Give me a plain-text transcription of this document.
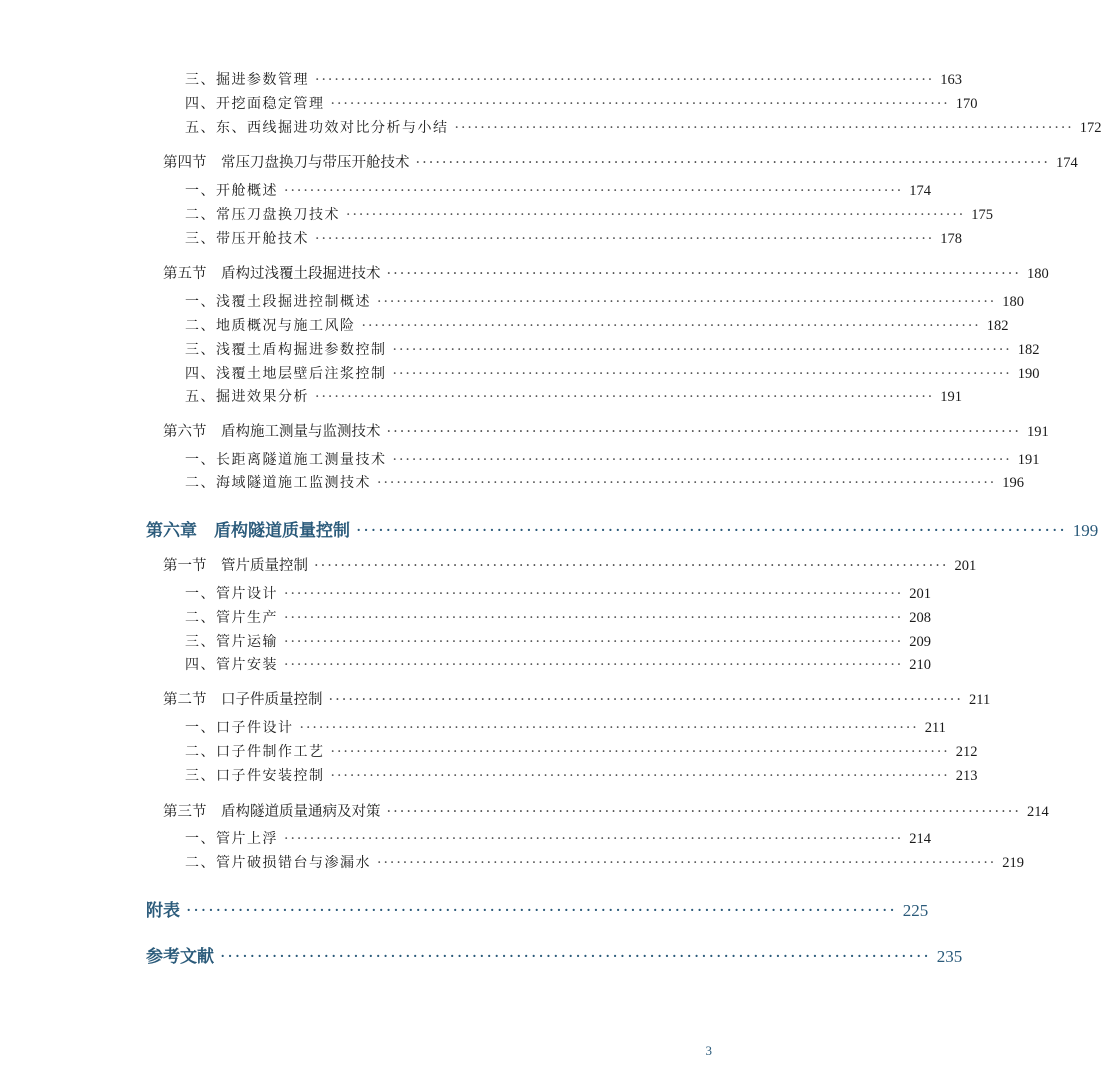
三、掘进参数管理 ································································································ 163
四、开挖面稳定管理 ································································································ 170
五、东、西线掘进功效对比分析与小结 ································································································ 172
第四节　常压刀盘换刀与带压开舱技术 ································································································ 174
一、开舱概述 ································································································ 174
二、常压刀盘换刀技术 ································································································ 175
三、带压开舱技术 ································································································ 178
第五节　盾构过浅覆土段掘进技术 ································································································ 180
一、浅覆土段掘进控制概述 ································································································ 180
二、地质概况与施工风险 ································································································ 182
三、浅覆土盾构掘进参数控制 ································································································ 182
四、浅覆土地层壁后注浆控制 ································································································ 190
五、掘进效果分析 ································································································ 191
第六节　盾构施工测量与监测技术 ································································································ 191
一、长距离隧道施工测量技术 ································································································ 191
二、海域隧道施工监测技术 ································································································ 196
第六章　盾构隧道质量控制 ································································································ 199
第一节　管片质量控制 ································································································ 201
一、管片设计 ································································································ 201
二、管片生产 ································································································ 208
三、管片运输 ································································································ 209
四、管片安装 ································································································ 210
第二节　口子件质量控制 ································································································ 211
一、口子件设计 ································································································ 211
二、口子件制作工艺 ································································································ 212
三、口子件安装控制 ································································································ 213
第三节　盾构隧道质量通病及对策 ································································································ 214
一、管片上浮 ································································································ 214
二、管片破损错台与渗漏水 ································································································ 219
附表 ································································································ 225
参考文献 ································································································ 235
3
